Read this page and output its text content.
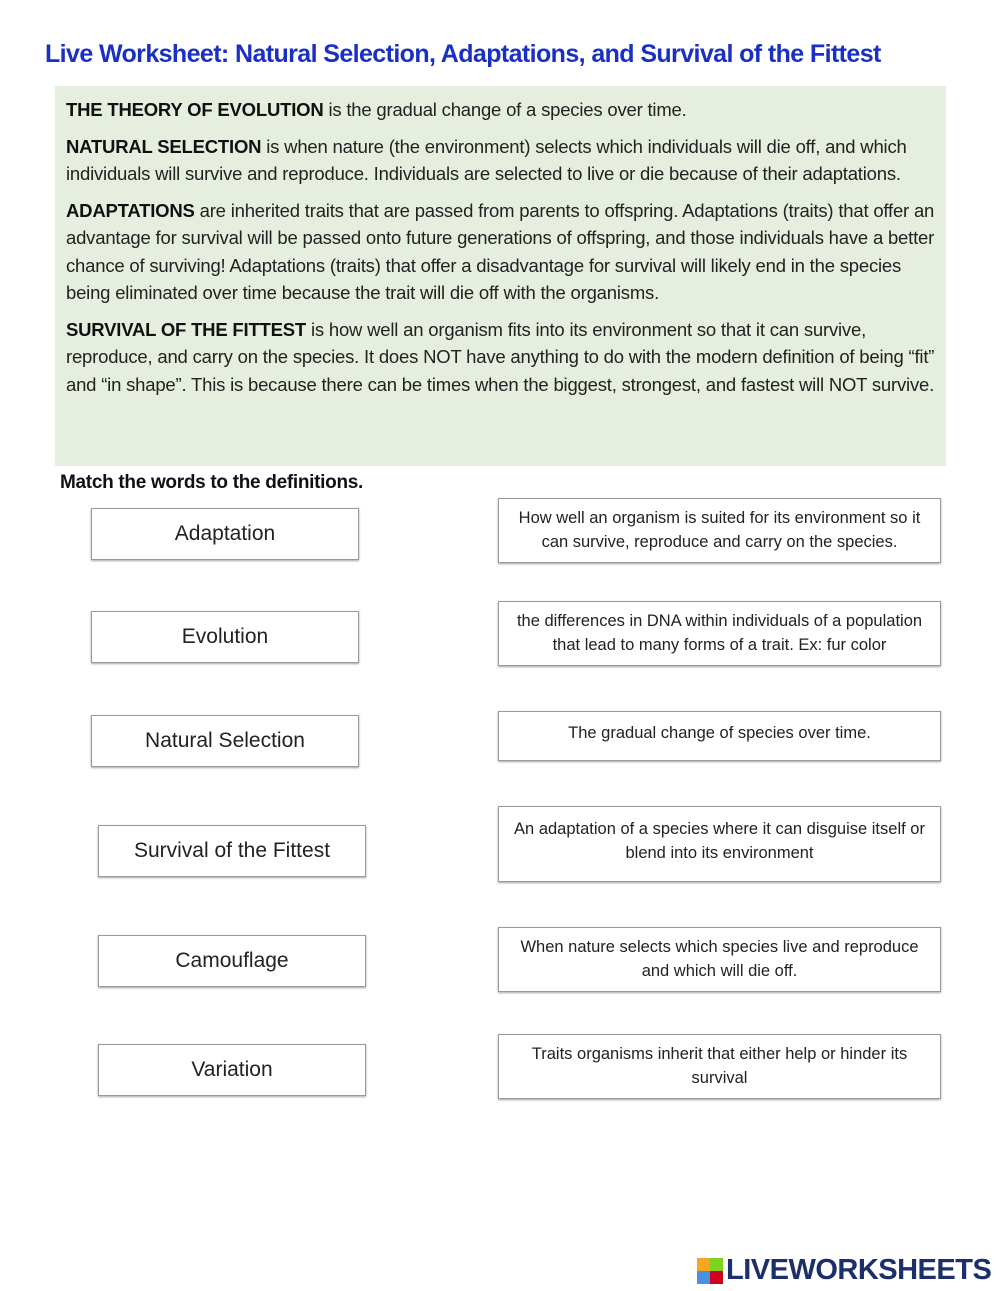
Live Worksheet: Natural Selection, Adaptations, and Survival of the Fittest

THE THEORY OF EVOLUTION is the gradual change of a species over time.

NATURAL SELECTION is when nature (the environment) selects which individuals will die off, and which individuals will survive and reproduce. Individuals are selected to live or die because of their adaptations.

ADAPTATIONS are inherited traits that are passed from parents to offspring. Adaptations (traits) that offer an advantage for survival will be passed onto future generations of offspring, and those individuals have a better chance of surviving! Adaptations (traits) that offer a disadvantage for survival will likely end in the species being eliminated over time because the trait will die off with the organisms.

SURVIVAL OF THE FITTEST is how well an organism fits into its environment so that it can survive, reproduce, and carry on the species. It does NOT have anything to do with the modern definition of being “fit” and “in shape”. This is because there can be times when the biggest, strongest, and fastest will NOT survive.

Match the words to the definitions.
Adaptation
Evolution
Natural Selection
Survival of the Fittest
Camouflage
Variation
How well an organism is suited for its environment so it can survive, reproduce and carry on the species.
the differences in DNA within individuals of a population that lead to many forms of a trait. Ex: fur color
The gradual change of species over time.
An adaptation of a species where it can disguise itself or blend into its environment
When nature selects which species live and reproduce and which will die off.
Traits organisms inherit that either help or hinder its survival
LIVEWORKSHEETS
